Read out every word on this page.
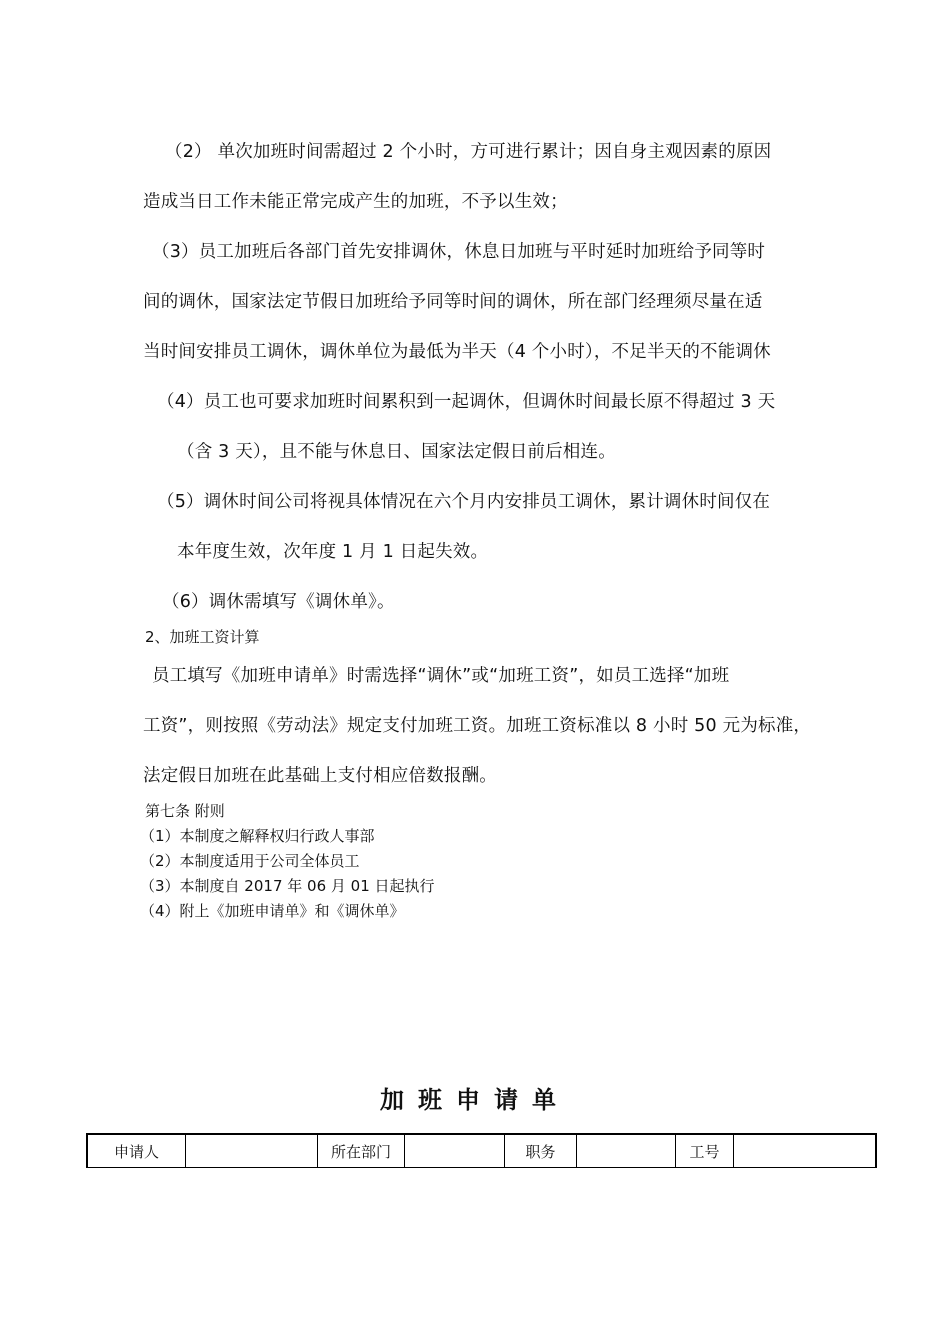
（2） 单次加班时间需超过 2 个小时，方可进行累计；因自身主观因素的原因
造成当日工作未能正常完成产生的加班，不予以生效；
（3）员工加班后各部门首先安排调休，休息日加班与平时延时加班给予同等时
间的调休，国家法定节假日加班给予同等时间的调休，所在部门经理须尽量在适
当时间安排员工调休，调休单位为最低为半天（4 个小时），不足半天的不能调休
（4）员工也可要求加班时间累积到一起调休，但调休时间最长原不得超过 3 天
（含 3 天），且不能与休息日、国家法定假日前后相连。
（5）调休时间公司将视具体情况在六个月内安排员工调休，累计调休时间仅在
本年度生效，次年度 1 月 1 日起失效。
（6）调休需填写《调休单》。
2、加班工资计算
员工填写《加班申请单》时需选择“调休”或“加班工资”，如员工选择“加班
工资”，则按照《劳动法》规定支付加班工资。加班工资标准以 8 小时 50 元为标准，
法定假日加班在此基础上支付相应倍数报酬。
第七条 附则
（1）本制度之解释权归行政人事部
（2）本制度适用于公司全体员工
（3）本制度自 2017 年 06 月 01 日起执行
（4）附上《加班申请单》和《调休单》
加班申请单
申请人	所在部门	职务	工号
